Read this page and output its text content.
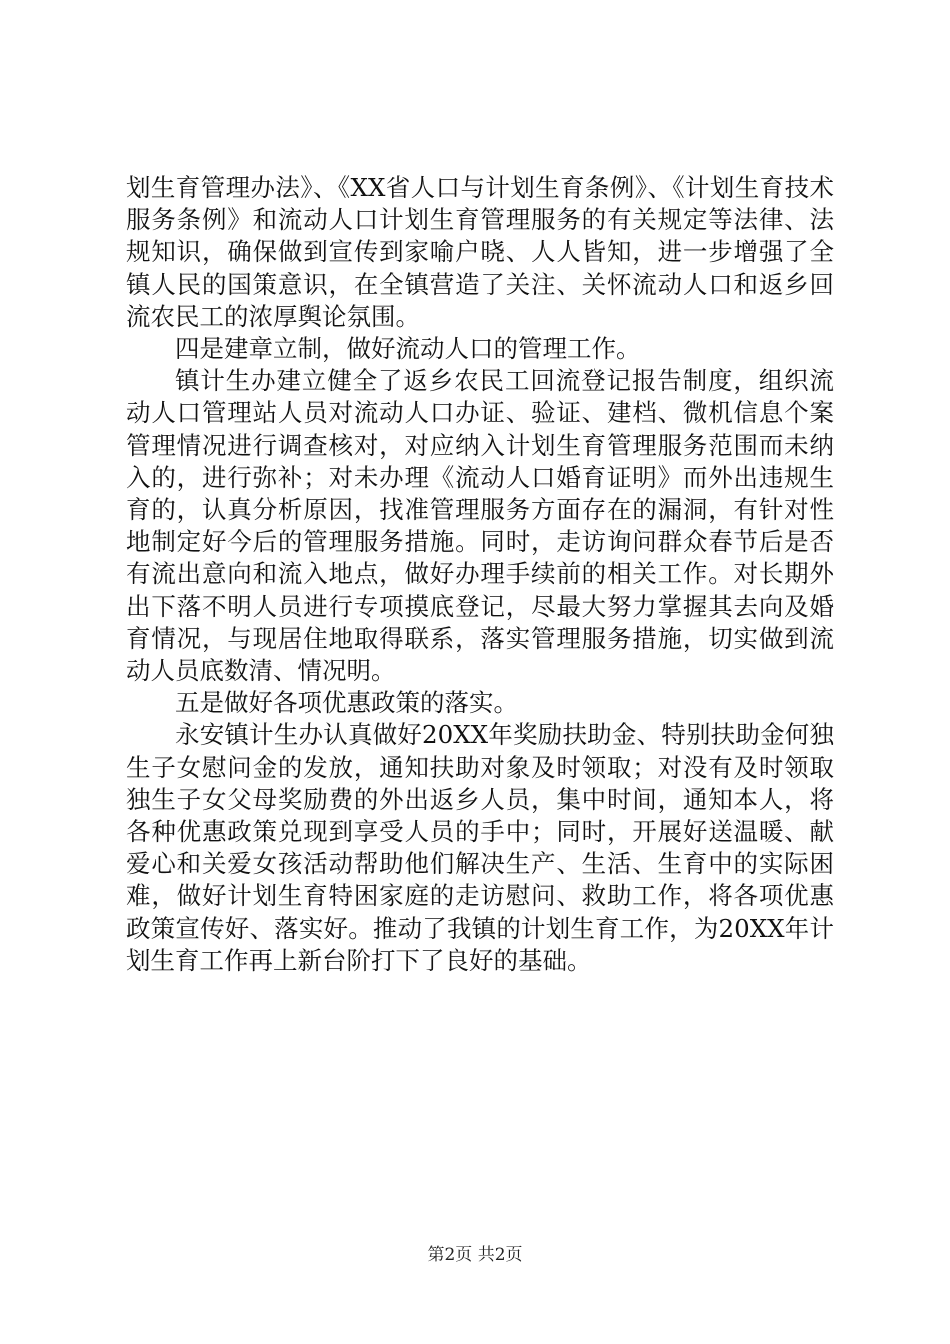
划生育管理办法》、《XX省人口与计划生育条例》、《计划生育技术服务条例》和流动人口计划生育管理服务的有关规定等法律、法规知识，确保做到宣传到家喻户晓、人人皆知，进一步增强了全镇人民的国策意识，在全镇营造了关注、关怀流动人口和返乡回流农民工的浓厚舆论氛围。

四是建章立制，做好流动人口的管理工作。

镇计生办建立健全了返乡农民工回流登记报告制度，组织流动人口管理站人员对流动人口办证、验证、建档、微机信息个案管理情况进行调查核对，对应纳入计划生育管理服务范围而未纳入的，进行弥补；对未办理《流动人口婚育证明》而外出违规生育的，认真分析原因，找准管理服务方面存在的漏洞，有针对性地制定好今后的管理服务措施。同时，走访询问群众春节后是否有流出意向和流入地点，做好办理手续前的相关工作。对长期外出下落不明人员进行专项摸底登记，尽最大努力掌握其去向及婚育情况，与现居住地取得联系，落实管理服务措施，切实做到流动人员底数清、情况明。

五是做好各项优惠政策的落实。

永安镇计生办认真做好20XX年奖励扶助金、特别扶助金何独生子女慰问金的发放，通知扶助对象及时领取；对没有及时领取独生子女父母奖励费的外出返乡人员，集中时间，通知本人，将各种优惠政策兑现到享受人员的手中；同时，开展好送温暖、献爱心和关爱女孩活动帮助他们解决生产、生活、生育中的实际困难，做好计划生育特困家庭的走访慰问、救助工作，将各项优惠政策宣传好、落实好。推动了我镇的计划生育工作，为20XX年计划生育工作再上新台阶打下了良好的基础。

第2页 共2页
